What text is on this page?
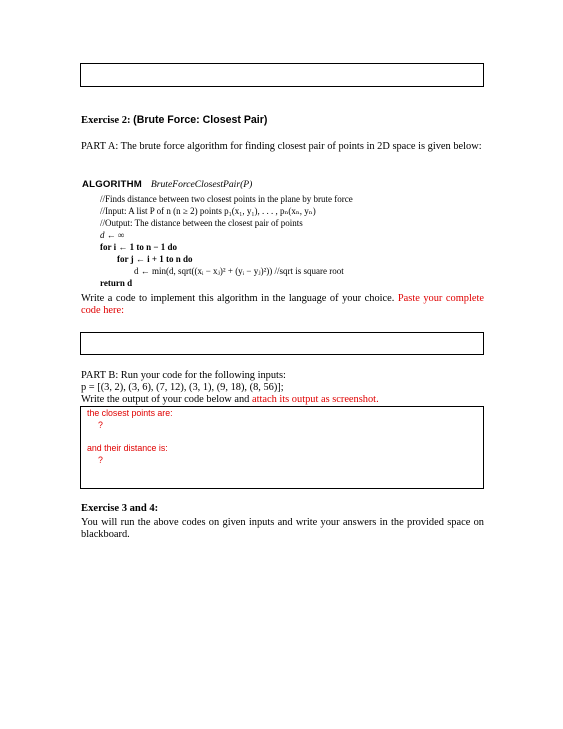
Exercise 2: (Brute Force: Closest Pair)
PART A: The brute force algorithm for finding closest pair of points in 2D space is given below:
ALGORITHM BruteForceClosestPair(P)
//Finds distance between two closest points in the plane by brute force
//Input: A list P of n (n ≥ 2) points p₁(x₁, y₁), . . . , pₙ(xₙ, yₙ)
//Output: The distance between the closest pair of points
d ← ∞
for i ← 1 to n − 1 do
for j ← i + 1 to n do
d ← min(d, sqrt((xᵢ − xⱼ)² + (yᵢ − yⱼ)²)) //sqrt is square root
return d
Write a code to implement this algorithm in the language of your choice. Paste your complete code here:
PART B: Run your code for the following inputs:
p = [(3, 2), (3, 6), (7, 12), (3, 1), (9, 18), (8, 56)];
Write the output of your code below and attach its output as screenshot.
the closest points are:
?
and their distance is:
?
Exercise 3 and 4:
You will run the above codes on given inputs and write your answers in the provided space on blackboard.
